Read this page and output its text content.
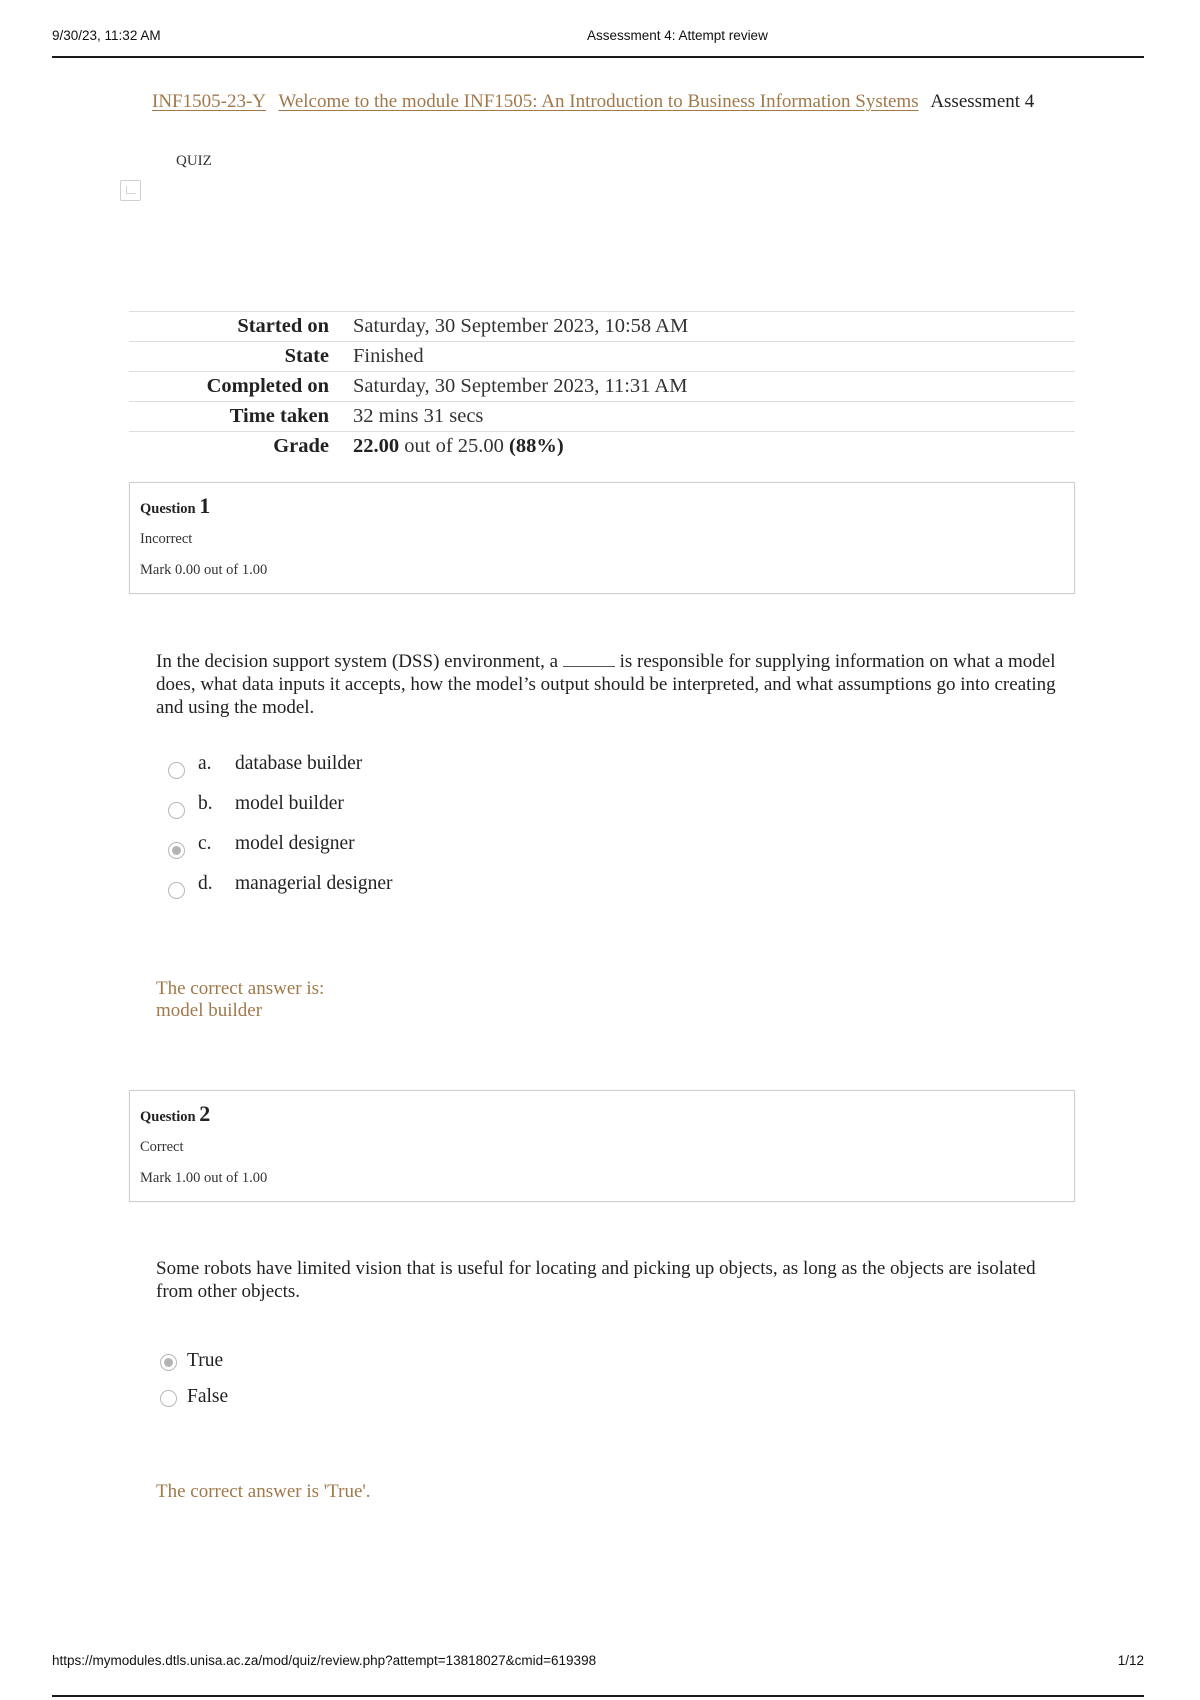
9/30/23, 11:32 AM	Assessment 4: Attempt review
INF1505-23-Y Welcome to the module INF1505: An Introduction to Business Information Systems Assessment 4
QUIZ
Started on	Saturday, 30 September 2023, 10:58 AM
State	Finished
Completed on	Saturday, 30 September 2023, 11:31 AM
Time taken	32 mins 31 secs
Grade	22.00 out of 25.00 (88%)
Question 1
Incorrect
Mark 0.00 out of 1.00
In the decision support system (DSS) environment, a	is responsible for supplying information on what a model does, what data inputs it accepts, how the model’s output should be interpreted, and what assumptions go into creating and using the model.
a. database builder
b. model builder
c. model designer
d. managerial designer
The correct answer is:
model builder
Question 2
Correct
Mark 1.00 out of 1.00
Some robots have limited vision that is useful for locating and picking up objects, as long as the objects are isolated from other objects.
True
False
The correct answer is 'True'.
https://mymodules.dtls.unisa.ac.za/mod/quiz/review.php?attempt=13818027&cmid=619398	1/12
